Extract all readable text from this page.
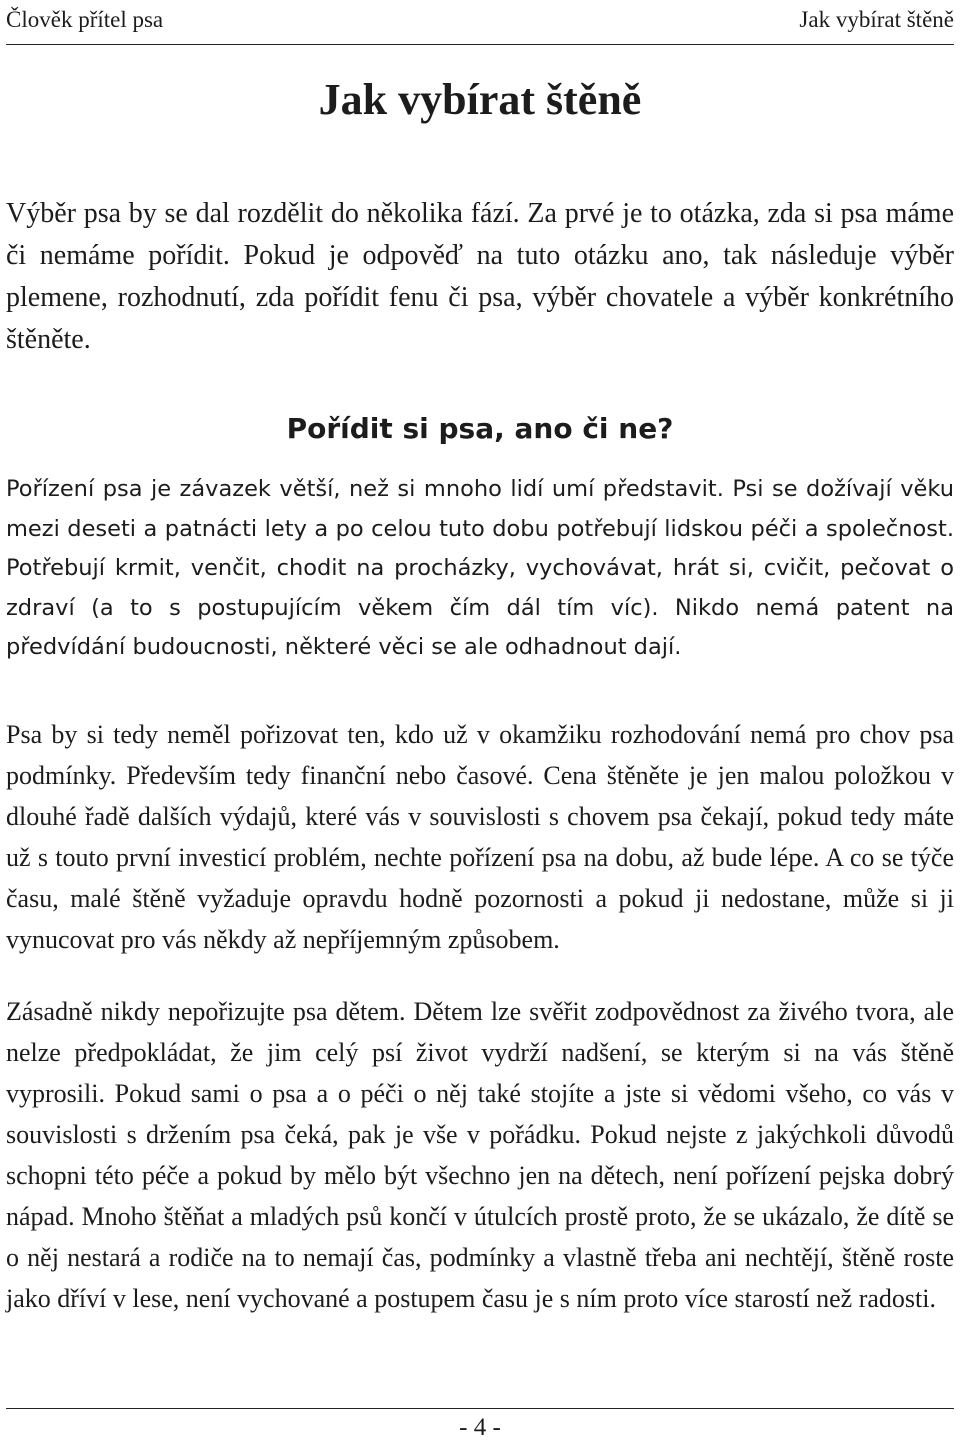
Člověk přítel psa	Jak vybírat štěně
Jak vybírat štěně

Výběr psa by se dal rozdělit do několika fází. Za prvé je to otázka, zda si psa máme či nemáme pořídit. Pokud je odpověď na tuto otázku ano, tak následuje výběr plemene, rozhodnutí, zda pořídit fenu či psa, výběr chovatele a výběr konkrétního štěněte.

Pořídit si psa, ano či ne?

Pořízení psa je závazek větší, než si mnoho lidí umí představit. Psi se dožívají věku mezi deseti a patnácti lety a po celou tuto dobu potřebují lidskou péči a společnost. Potřebují krmit, venčit, chodit na procházky, vychovávat, hrát si, cvičit, pečovat o zdraví (a to s postupujícím věkem čím dál tím víc). Nikdo nemá patent na předvídání budoucnosti, některé věci se ale odhadnout dají.

Psa by si tedy neměl pořizovat ten, kdo už v okamžiku rozhodování nemá pro chov psa podmínky. Především tedy finanční nebo časové. Cena štěněte je jen malou položkou v dlouhé řadě dalších výdajů, které vás v souvislosti s chovem psa čekají, pokud tedy máte už s touto první investicí problém, nechte pořízení psa na dobu, až bude lépe. A co se týče času, malé štěně vyžaduje opravdu hodně pozornosti a pokud ji nedostane, může si ji vynucovat pro vás někdy až nepříjemným způsobem.

Zásadně nikdy nepořizujte psa dětem. Dětem lze svěřit zodpovědnost za živého tvora, ale nelze předpokládat, že jim celý psí život vydrží nadšení, se kterým si na vás štěně vyprosili. Pokud sami o psa a o péči o něj také stojíte a jste si vědomi všeho, co vás v souvislosti s držením psa čeká, pak je vše v pořádku. Pokud nejste z jakýchkoli důvodů schopni této péče a pokud by mělo být všechno jen na dětech, není pořízení pejska dobrý nápad. Mnoho štěňat a mladých psů končí v útulcích prostě proto, že se ukázalo, že dítě se o něj nestará a rodiče na to nemají čas, podmínky a vlastně třeba ani nechtějí, štěně roste jako dříví v lese, není vychované a postupem času je s ním proto více starostí než radosti.

- 4 -
